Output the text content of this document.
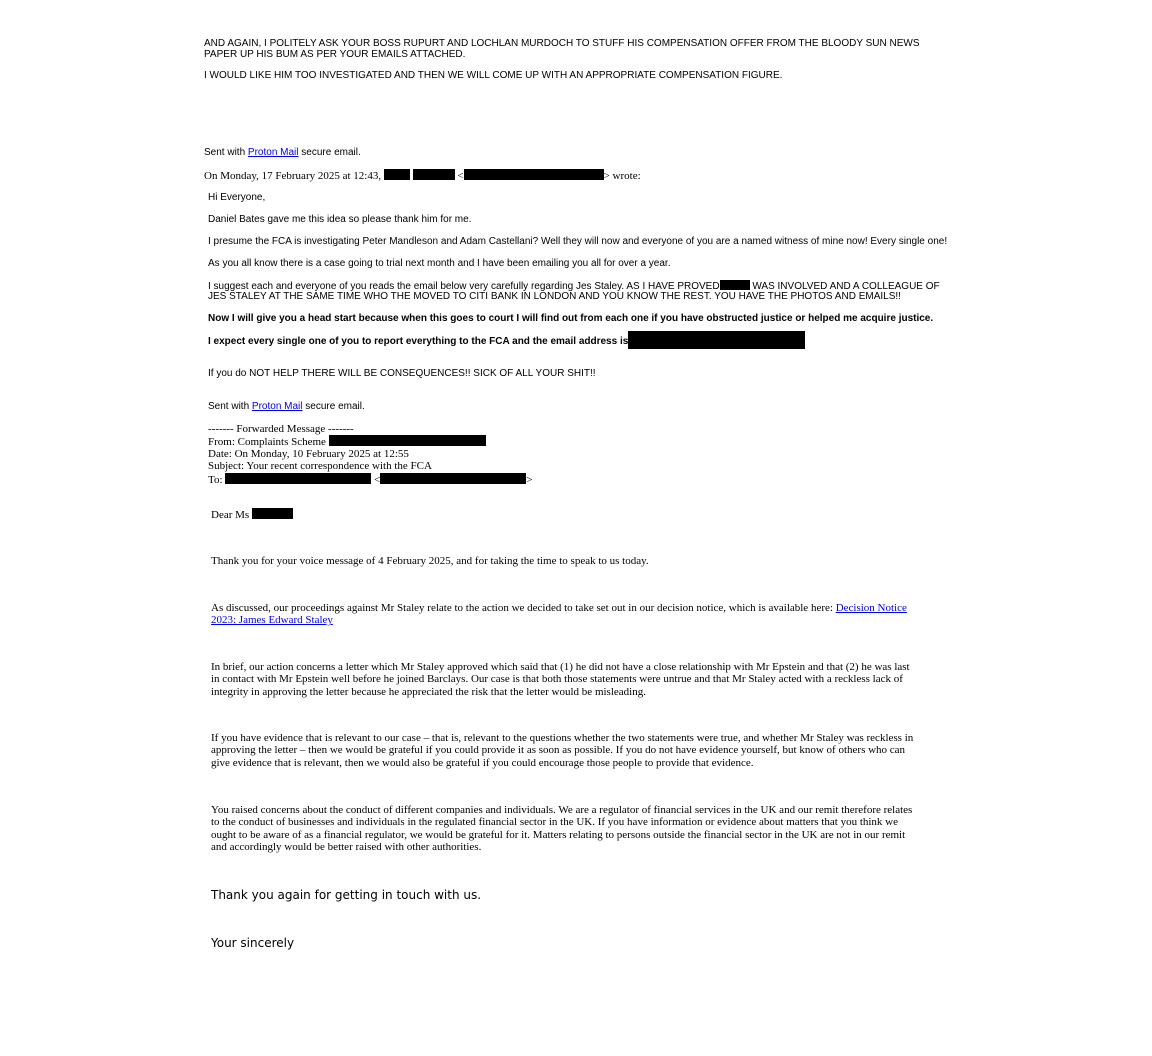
AND AGAIN, I POLITELY ASK YOUR BOSS RUPURT AND LOCHLAN MURDOCH TO STUFF HIS COMPENSATION OFFER FROM THE BLOODY SUN NEWS PAPER UP HIS BUM AS PER YOUR EMAILS ATTACHED.
I WOULD LIKE HIM TOO INVESTIGATED AND THEN WE WILL COME UP WITH AN APPROPRIATE COMPENSATION FIGURE.
Sent with Proton Mail secure email.
On Monday, 17 February 2025 at 12:43,	<	> wrote:
Hi Everyone,
Daniel Bates gave me this idea so please thank him for me.
I presume the FCA is investigating Peter Mandleson and Adam Castellani? Well they will now and everyone of you are a named witness of mine now! Every single one!
As you all know there is a case going to trial next month and I have been emailing you all for over a year.
I suggest each and everyone of you reads the email below very carefully regarding Jes Staley. AS I HAVE PROVED	WAS INVOLVED AND A COLLEAGUE OF
JES STALEY AT THE SAME TIME WHO THE MOVED TO CITI BANK IN LONDON AND YOU KNOW THE REST. YOU HAVE THE PHOTOS AND EMAILS!!
Now I will give you a head start because when this goes to court I will find out from each one if you have obstructed justice or helped me acquire justice.
I expect every single one of you to report everything to the FCA and the email address is
If you do NOT HELP THERE WILL BE CONSEQUENCES!! SICK OF ALL YOUR SHIT!!
Sent with Proton Mail secure email.
------- Forwarded Message -------
From: Complaints Scheme
Date: On Monday, 10 February 2025 at 12:55
Subject: Your recent correspondence with the FCA
To:	<	>
Dear Ms
Thank you for your voice message of 4 February 2025, and for taking the time to speak to us today.
As discussed, our proceedings against Mr Staley relate to the action we decided to take set out in our decision notice, which is available here: Decision Notice 2023: James Edward Staley
In brief, our action concerns a letter which Mr Staley approved which said that (1) he did not have a close relationship with Mr Epstein and that (2) he was last in contact with Mr Epstein well before he joined Barclays. Our case is that both those statements were untrue and that Mr Staley acted with a reckless lack of integrity in approving the letter because he appreciated the risk that the letter would be misleading.
If you have evidence that is relevant to our case – that is, relevant to the questions whether the two statements were true, and whether Mr Staley was reckless in approving the letter – then we would be grateful if you could provide it as soon as possible. If you do not have evidence yourself, but know of others who can give evidence that is relevant, then we would also be grateful if you could encourage those people to provide that evidence.
You raised concerns about the conduct of different companies and individuals. We are a regulator of financial services in the UK and our remit therefore relates to the conduct of businesses and individuals in the regulated financial sector in the UK. If you have information or evidence about matters that you think we ought to be aware of as a financial regulator, we would be grateful for it. Matters relating to persons outside the financial sector in the UK are not in our remit and accordingly would be better raised with other authorities.
Thank you again for getting in touch with us.
Your sincerely
